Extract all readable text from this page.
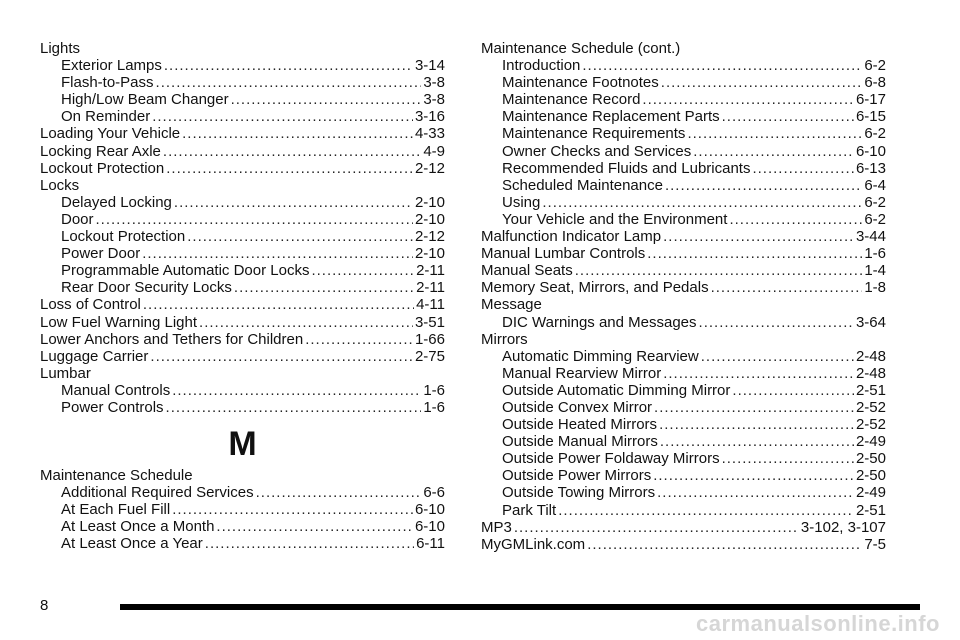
Lights
Exterior Lamps .....	3-14
Flash-to-Pass .....	3-8
High/Low Beam Changer .....	3-8
On Reminder .....	3-16
Loading Your Vehicle .....	4-33
Locking Rear Axle .....	4-9
Lockout Protection .....	2-12
Locks
Delayed Locking .....	2-10
Door .....	2-10
Lockout Protection .....	2-12
Power Door .....	2-10
Programmable Automatic Door Locks .....	2-11
Rear Door Security Locks .....	2-11
Loss of Control .....	4-11
Low Fuel Warning Light .....	3-51
Lower Anchors and Tethers for Children .....	1-66
Luggage Carrier .....	2-75
Lumbar
Manual Controls .....	1-6
Power Controls .....	1-6
M
Maintenance Schedule
Additional Required Services .....	6-6
At Each Fuel Fill .....	6-10
At Least Once a Month .....	6-10
At Least Once a Year .....	6-11
Maintenance Schedule (cont.)
Introduction .....	6-2
Maintenance Footnotes .....	6-8
Maintenance Record .....	6-17
Maintenance Replacement Parts .....	6-15
Maintenance Requirements .....	6-2
Owner Checks and Services .....	6-10
Recommended Fluids and Lubricants .....	6-13
Scheduled Maintenance .....	6-4
Using .....	6-2
Your Vehicle and the Environment .....	6-2
Malfunction Indicator Lamp .....	3-44
Manual Lumbar Controls .....	1-6
Manual Seats .....	1-4
Memory Seat, Mirrors, and Pedals .....	1-8
Message
DIC Warnings and Messages .....	3-64
Mirrors
Automatic Dimming Rearview .....	2-48
Manual Rearview Mirror .....	2-48
Outside Automatic Dimming Mirror .....	2-51
Outside Convex Mirror .....	2-52
Outside Heated Mirrors .....	2-52
Outside Manual Mirrors .....	2-49
Outside Power Foldaway Mirrors .....	2-50
Outside Power Mirrors .....	2-50
Outside Towing Mirrors .....	2-49
Park Tilt .....	2-51
MP3 .....	3-102, 3-107
MyGMLink.com .....	7-5
8
carmanualsonline.info
